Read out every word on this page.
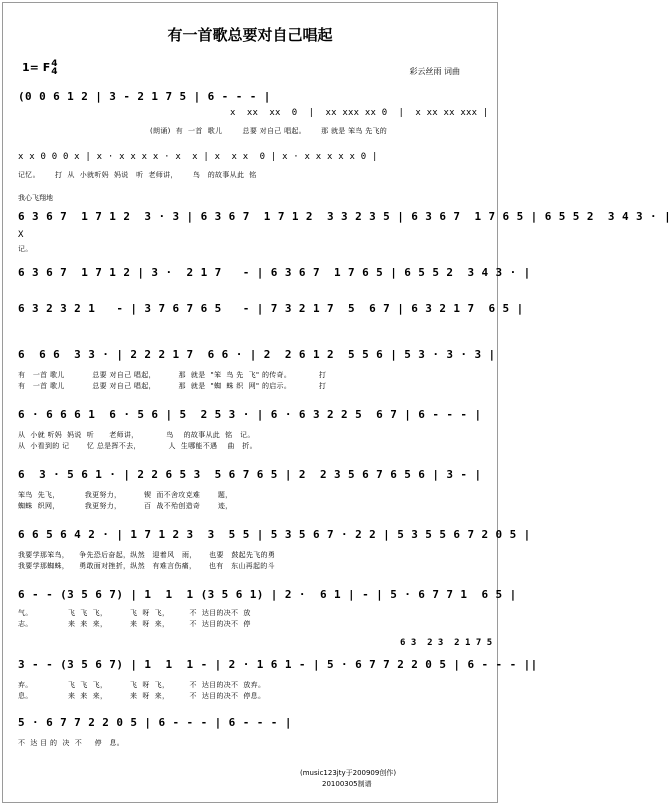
有一首歌总要对自己唱起
1= F4
4	彩云丝雨 词曲
(0 0 6 1 2 | 3 - 2 1 7 5 | 6 - - - |
x  xx  xx  0  |  xx xxx xx 0  |  x xx xx xxx |
(朗诵)  有  一首  歌儿        总要 对自己 唱起。      那 就是 笨鸟 先飞的
x x 0 0 0 x | x · x x x x · x  x | x  x x  0 | x · x x x x x 0 |
记忆。      打  从  小就听妈  妈说   听  老师讲，      鸟   的故事从此  铭
我心飞翔地
6 3 6 7  1 7 1 2  3 · 3 | 6 3 6 7  1 7 1 2  3 3 2 3 5 | 6 3 6 7  1 7 6 5 | 6 5 5 2  3 4 3 · |
X
记。
6 3 6 7  1 7 1 2 | 3 ·  2 1 7   - | 6 3 6 7  1 7 6 5 | 6 5 5 2  3 4 3 · |
6 3 2 3 2 1   - | 3 7 6 7 6 5   - | 7 3 2 1 7  5  6 7 | 6 3 2 1 7  6 5 |
6  6 6  3 3 · | 2 2 2 1 7  6 6 · | 2  2 6 1 2  5 5 6 | 5 3 · 3 · 3 |
有   一首 歌儿           总要 对自己 唱起，         那  就是  "笨  鸟 先  飞" 的传奇。           打
有   一首 歌儿           总要 对自己 唱起，         那  就是  "蜘  蛛 织  网" 的启示。           打
6 · 6 6 6 1  6 · 5 6 | 5  2 5 3 · | 6 · 6 3 2 2 5  6 7 | 6 - - - |
从  小就 听妈  妈说  听      老师讲，           鸟    的故事从此  铭   记。
从  小看到的 记       忆 总是挥不去，           人  生哪能不遇    曲   折。
6  3 · 5 6 1 · | 2 2 6 5 3  5 6 7 6 5 | 2  2 3 5 6 7 6 5 6 | 3 - |
笨鸟  先飞，          我更努力，         锲  而不舍攻克难       题，
蜘蛛  织网，          我更努力，         百  战不殆创造奇       迹，
6 6 5 6 4 2 · | 1 7 1 2 3  3  5 5 | 5 3 5 6 7 · 2 2 | 5 3 5 5 6 7 2 0 5 |
我要学那笨鸟，    争先恐后奋起，纵然   迎着风   雨，     也要   鼓起先飞的勇
我要学那蜘蛛，    勇敢面对挫折，纵然   有难言伤痛，     也有   东山再起的斗
6 - - (3 5 6 7) | 1  1  1 (3 5 6 1) | 2 ·  6 1 | - | 5 · 6 7 7 1  6 5 |
气。              飞  飞  飞，         飞  呀  飞，        不  达目的决不  放
志。              来  来  来，         来  呀  来，        不  达目的决不  停
6 3  2 3  2 1 7 5
3 - - (3 5 6 7) | 1  1  1 - | 2 · 1 6 1 - | 5 · 6 7 7 2 2 0 5 | 6 - - - ||
弃。              飞  飞  飞，         飞  呀  飞，        不  达目的决不  放弃。
息。              来  来  来，         来  呀  来，        不  达目的决不  停息。
5 · 6 7 7 2 2 0 5 | 6 - - - | 6 - - - |
不  达 目 的  决  不     停   息。
(music123jty于200909创作)
20100305制谱
